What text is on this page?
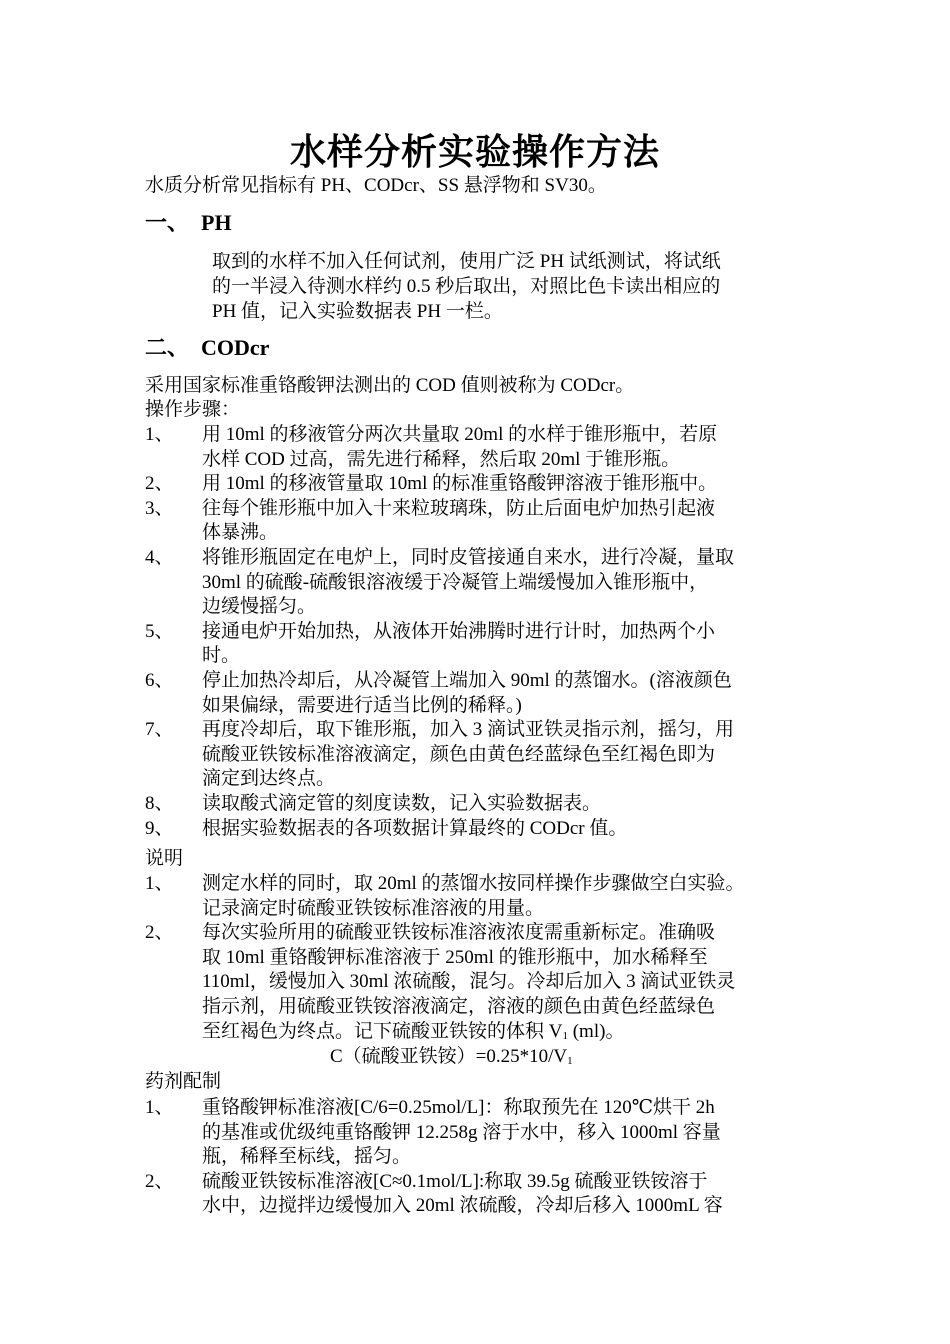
水样分析实验操作方法
水质分析常见指标有 PH、CODcr、SS 悬浮物和 SV30。
一、 PH
取到的水样不加入任何试剂，使用广泛 PH 试纸测试，将试纸
的一半浸入待测水样约 0.5 秒后取出，对照比色卡读出相应的
PH 值，记入实验数据表 PH 一栏。
二、 CODcr
采用国家标准重铬酸钾法测出的 COD 值则被称为 CODcr。
操作步骤：
1、 用 10ml 的移液管分两次共量取 20ml 的水样于锥形瓶中，若原
水样 COD 过高，需先进行稀释，然后取 20ml 于锥形瓶。
2、 用 10ml 的移液管量取 10ml 的标准重铬酸钾溶液于锥形瓶中。
3、 往每个锥形瓶中加入十来粒玻璃珠，防止后面电炉加热引起液
体暴沸。
4、 将锥形瓶固定在电炉上，同时皮管接通自来水，进行冷凝，量取
30ml 的硫酸-硫酸银溶液缓于冷凝管上端缓慢加入锥形瓶中，
边缓慢摇匀。
5、 接通电炉开始加热，从液体开始沸腾时进行计时，加热两个小
时。
6、 停止加热冷却后，从冷凝管上端加入 90ml 的蒸馏水。(溶液颜色
如果偏绿，需要进行适当比例的稀释。)
7、 再度冷却后，取下锥形瓶，加入 3 滴试亚铁灵指示剂，摇匀，用
硫酸亚铁铵标准溶液滴定，颜色由黄色经蓝绿色至红褐色即为
滴定到达终点。
8、 读取酸式滴定管的刻度读数，记入实验数据表。
9、 根据实验数据表的各项数据计算最终的 CODcr 值。
说明
1、 测定水样的同时，取 20ml 的蒸馏水按同样操作步骤做空白实验。
记录滴定时硫酸亚铁铵标准溶液的用量。
2、 每次实验所用的硫酸亚铁铵标准溶液浓度需重新标定。准确吸
取 10ml 重铬酸钾标准溶液于 250ml 的锥形瓶中，加水稀释至
110ml，缓慢加入 30ml 浓硫酸，混匀。冷却后加入 3 滴试亚铁灵
指示剂，用硫酸亚铁铵溶液滴定，溶液的颜色由黄色经蓝绿色
至红褐色为终点。记下硫酸亚铁铵的体积 $V_1$ (ml)。
C（硫酸亚铁铵）$=0.25*10/V_1$
药剂配制
1、 重铬酸钾标准溶液[C/6=0.25mol/L]：称取预先在 120℃烘干 2h
的基准或优级纯重铬酸钾 12.258g 溶于水中，移入 1000ml 容量
瓶，稀释至标线，摇匀。
2、 硫酸亚铁铵标准溶液[C≈0.1mol/L]:称取 39.5g 硫酸亚铁铵溶于
水中，边搅拌边缓慢加入 20ml 浓硫酸，冷却后移入 1000mL 容
